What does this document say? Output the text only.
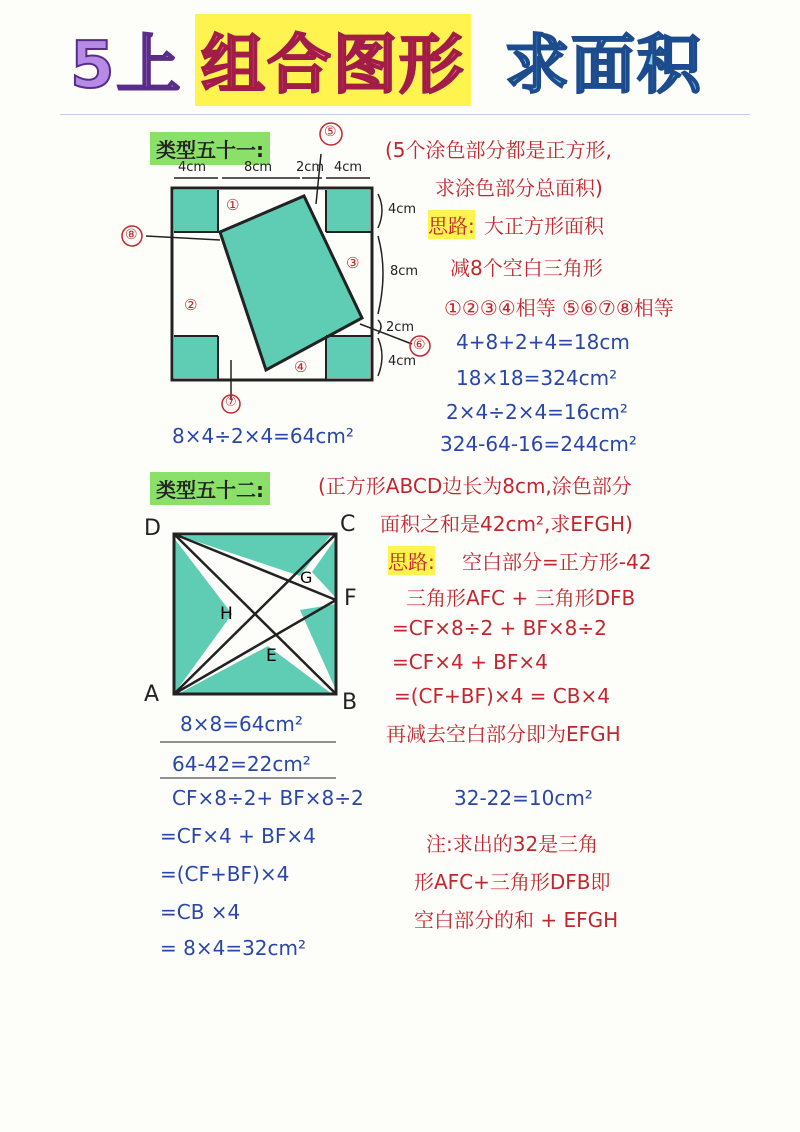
5上 组合图形 求面积
类型五十一:
4cm	8cm 2cm 4cm
4cm
8cm
2cm
4cm
①
②
③
④
⑤
⑥
⑦
⑧
(5个涂色部分都是正方形,
求涂色部分总面积)
思路: 大正方形面积
减8个空白三角形
①②③④相等 ⑤⑥⑦⑧相等
4+8+2+4=18cm
18×18=324cm²
2×4÷2×4=16cm²
324-64-16=244cm²
8×4÷2×4=64cm²
类型五十二:	(正方形ABCD边长为8cm,涂色部分
面积之和是42cm²,求EFGH)
D	C
F
A	B
G
H
E
思路: 空白部分=正方形-42
三角形AFC + 三角形DFB
=CF×8÷2 + BF×8÷2
=CF×4 + BF×4
=(CF+BF)×4 = CB×4
再减去空白部分即为EFGH
8×8=64cm²
64-42=22cm²
CF×8÷2+ BF×8÷2
=CF×4 + BF×4
=(CF+BF)×4
=CB ×4
= 8×4=32cm²
32-22=10cm²
注:求出的32是三角
形AFC+三角形DFB即
空白部分的和 + EFGH
